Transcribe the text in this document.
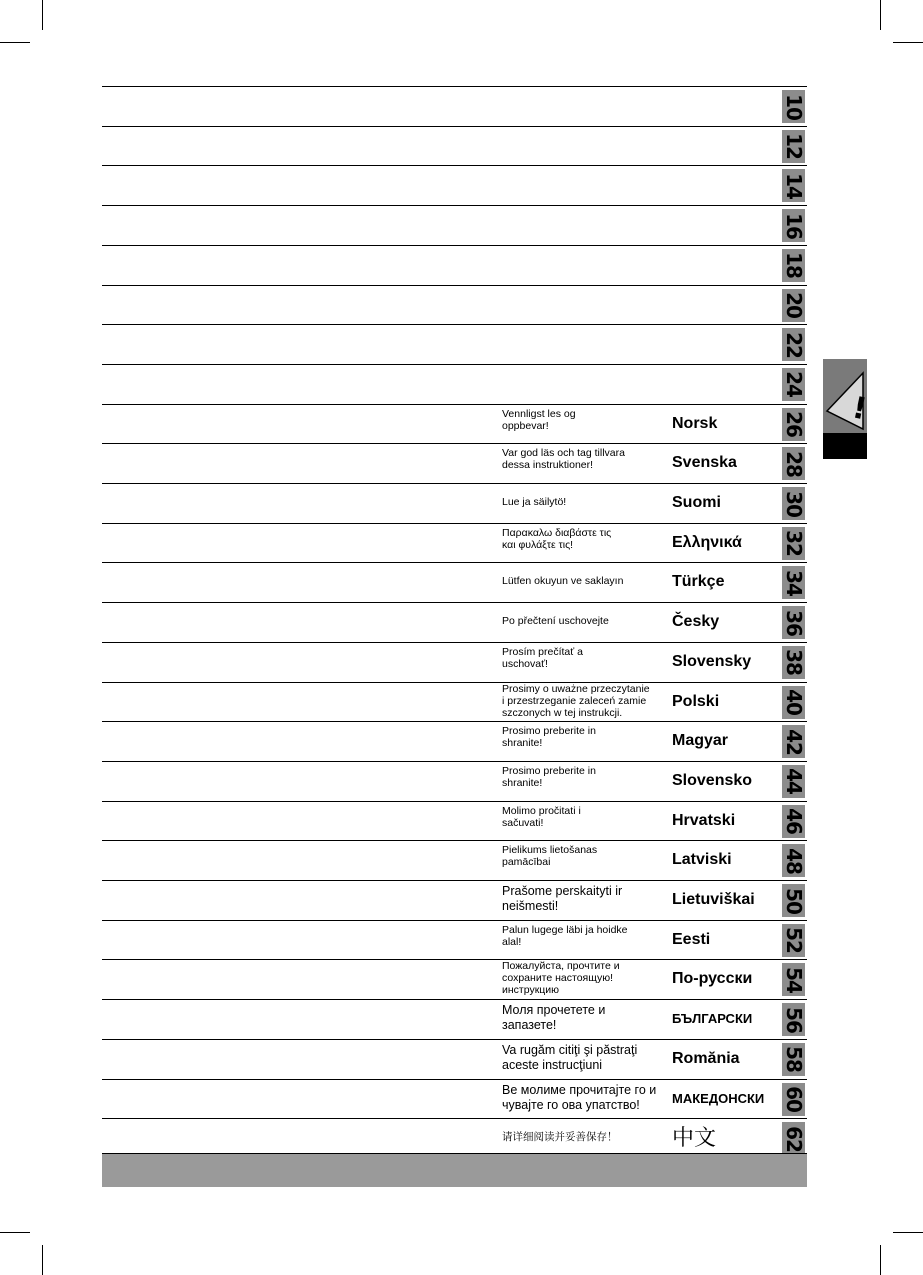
10
12
14
16
18
20
22
24
Vennligst les og
oppbevar!	Norsk	26
Var god läs och tag tillvara
dessa instruktioner!	Svenska 28
Lue ja säilytö!	Suomi	30
Παρακαλω διαβάστε τις
και φυλάξτε τις!	Ελληνικά 32
Lütfen okuyun ve saklayın	Türkçe	34
Po přečtení uschovejte	Česky	36
Prosím prečítať a
uschovať!	Slovensky 38
Prosimy o uważne przeczytanie
i przestrzeganie zaleceń zamie
szczonych w tej instrukcji.
Polski	40
Prosimo preberite in
shranite!	Magyar	42
Prosimo preberite in
shranite!	Slovensko 44
Molimo pročitati i
sačuvati!	Hrvatski 46
Pielikums lietošanas
pamācībai	Latviski 48
Prašome perskaityti ir
neišmesti!	Lietuviškai 50
Palun lugege läbi ja hoidke
alal!	Eesti	52
Пожалуйста, прочтите и
сохраните настоящую!
инструкцию
По-русски 54
Моля прочетете и
запазете!	БЪЛГАРСКИ 56
Va rugăm citiţi şi păstraţi
aceste instrucţiuni	Romănia 58
Ве молиме прочитајте го и
чувајте го ова упатство!	МАКЕДОНСКИ 60
请详细阅读并妥善保存！	中文	62
!
